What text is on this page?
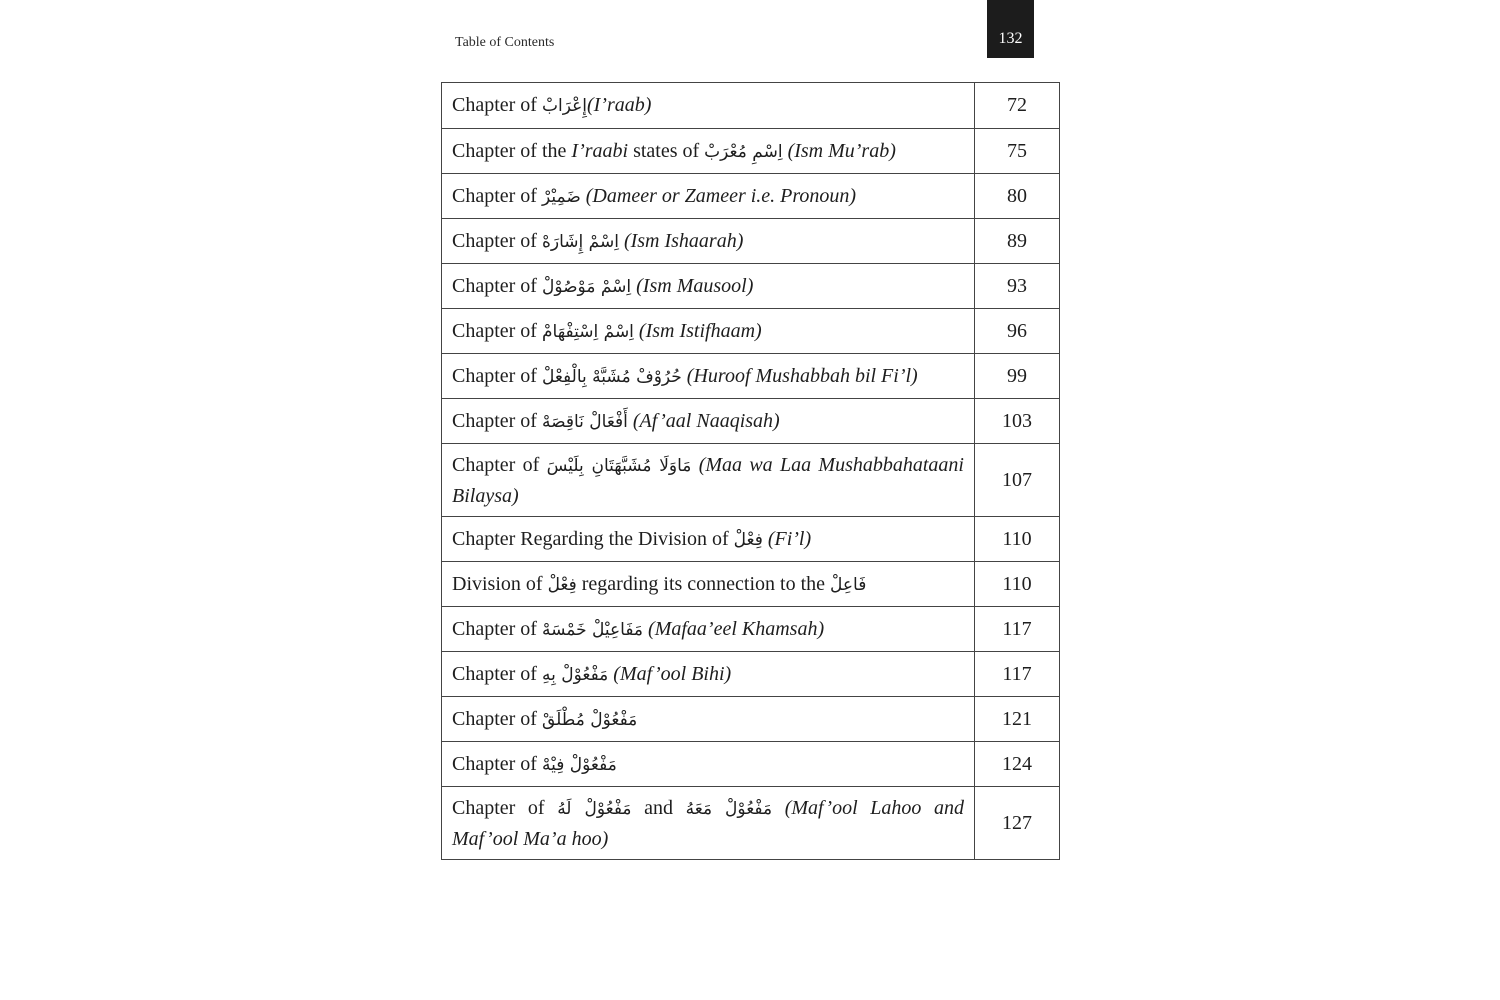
Table of Contents	132
Chapter of إِعْرَابْ(I’raab)	72
Chapter of the I’raabi states of اِسْمِ مُعْرَبْ (Ism Mu’rab)	75
Chapter of ضَمِيْرْ (Dameer or Zameer i.e. Pronoun)	80
Chapter of اِسْمْ إِشَارَهْ (Ism Ishaarah)	89
Chapter of اِسْمْ مَوْصُوْلْ (Ism Mausool)	93
Chapter of اِسْمْ اِسْتِفْهَامْ (Ism Istifhaam)	96
Chapter of حُرُوْفْ مُشَبَّهْ بِالْفِعْلْ (Huroof Mushabbah bil Fi’l)	99
Chapter of أَفْعَالْ نَاقِصَهْ (Af’aal Naaqisah)	103
Chapter of مَاوَلَا مُشَبَّهَتَانِ بِلَيْسَ (Maa wa Laa Mushabbahataani Bilaysa)	107
Chapter Regarding the Division of فِعْلْ (Fi’l)	110
Division of فِعْلْ regarding its connection to the فَاعِلْ	110
Chapter of مَفَاعِيْلْ خَمْسَهْ (Mafaa’eel Khamsah)	117
Chapter of مَفْعُوْلْ بِهِ (Maf’ool Bihi)	117
Chapter of مَفْعُوْلْ مُطْلَقْ	121
Chapter of مَفْعُوْلْ فِيْهْ	124
Chapter of مَفْعُوْلْ لَهُ and مَفْعُوْلْ مَعَهُ (Maf’ool Lahoo and Maf’ool Ma’a hoo)	127
